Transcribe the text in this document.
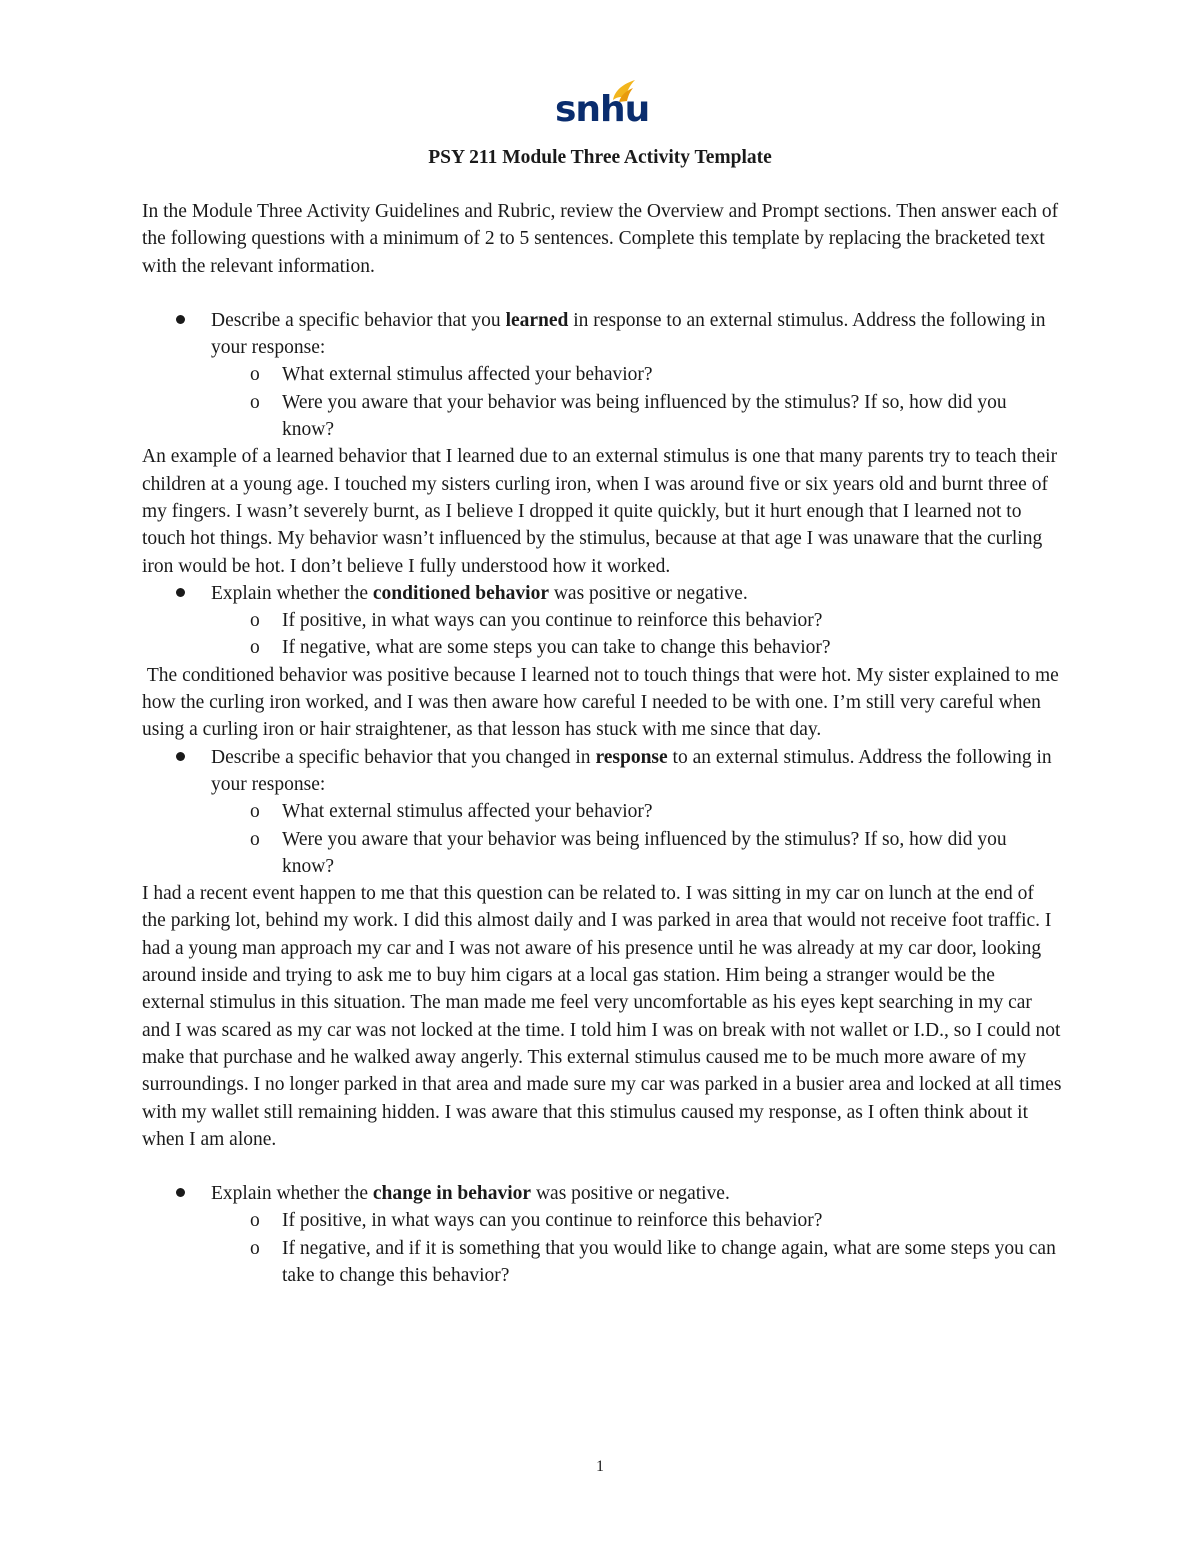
snhu
PSY 211 Module Three Activity Template

In the Module Three Activity Guidelines and Rubric, review the Overview and Prompt sections. Then answer each of the following questions with a minimum of 2 to 5 sentences. Complete this template by replacing the bracketed text with the relevant information.

Describe a specific behavior that you learned in response to an external stimulus. Address the following in your response:
o What external stimulus affected your behavior?
o Were you aware that your behavior was being influenced by the stimulus? If so, how did you know?

An example of a learned behavior that I learned due to an external stimulus is one that many parents try to teach their children at a young age. I touched my sisters curling iron, when I was around five or six years old and burnt three of my fingers. I wasn’t severely burnt, as I believe I dropped it quite quickly, but it hurt enough that I learned not to touch hot things. My behavior wasn’t influenced by the stimulus, because at that age I was unaware that the curling iron would be hot. I don’t believe I fully understood how it worked.

Explain whether the conditioned behavior was positive or negative.
o If positive, in what ways can you continue to reinforce this behavior?
o If negative, what are some steps you can take to change this behavior?

The conditioned behavior was positive because I learned not to touch things that were hot. My sister explained to me how the curling iron worked, and I was then aware how careful I needed to be with one. I’m still very careful when using a curling iron or hair straightener, as that lesson has stuck with me since that day.

Describe a specific behavior that you changed in response to an external stimulus. Address the following in your response:
o What external stimulus affected your behavior?
o Were you aware that your behavior was being influenced by the stimulus? If so, how did you know?

I had a recent event happen to me that this question can be related to. I was sitting in my car on lunch at the end of the parking lot, behind my work. I did this almost daily and I was parked in area that would not receive foot traffic. I had a young man approach my car and I was not aware of his presence until he was already at my car door, looking around inside and trying to ask me to buy him cigars at a local gas station. Him being a stranger would be the external stimulus in this situation. The man made me feel very uncomfortable as his eyes kept searching in my car and I was scared as my car was not locked at the time. I told him I was on break with not wallet or I.D., so I could not make that purchase and he walked away angerly. This external stimulus caused me to be much more aware of my surroundings. I no longer parked in that area and made sure my car was parked in a busier area and locked at all times with my wallet still remaining hidden. I was aware that this stimulus caused my response, as I often think about it when I am alone.

Explain whether the change in behavior was positive or negative.
o If positive, in what ways can you continue to reinforce this behavior?
o If negative, and if it is something that you would like to change again, what are some steps you can take to change this behavior?
1
